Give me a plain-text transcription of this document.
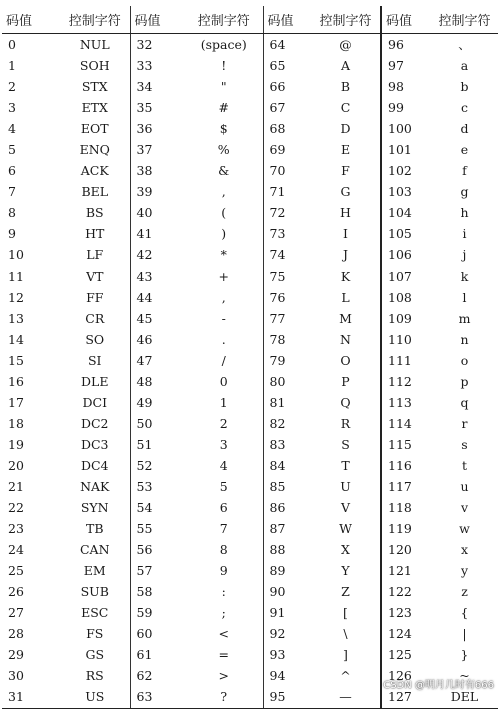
码值	控制字符	码值	控制字符	码值	控制字符	码值	控制字符
0	NUL	32	(space)	64	@	96	、
1	SOH	33	!	65	A	97	a
2	STX	34	"	66	B	98	b
3	ETX	35	#	67	C	99	c
4	EOT	36	$	68	D	100	d
5	ENQ	37	%	69	E	101	e
6	ACK	38	&	70	F	102	f
7	BEL	39	,	71	G	103	g
8	BS	40	(	72	H	104	h
9	HT	41	)	73	I	105	i
10	LF	42	*	74	J	106	j
11	VT	43	+	75	K	107	k
12	FF	44	,	76	L	108	l
13	CR	45	-	77	M	109	m
14	SO	46	.	78	N	110	n
15	SI	47	/	79	O	111	o
16	DLE	48	0	80	P	112	p
17	DCI	49	1	81	Q	113	q
18	DC2	50	2	82	R	114	r
19	DC3	51	3	83	S	115	s
20	DC4	52	4	84	T	116	t
21	NAK	53	5	85	U	117	u
22	SYN	54	6	86	V	118	v
23	TB	55	7	87	W	119	w
24	CAN	56	8	88	X	120	x
25	EM	57	9	89	Y	121	y
26	SUB	58	:	90	Z	122	z
27	ESC	59	;	91	[	123	{
28	FS	60	<	92	\	124	|
29	GS	61	=	93	]	125	}
30	RS	62	>	94	^	126	~
31	US	63	?	95	—	127	DEL
CSDN @明月几时有666
